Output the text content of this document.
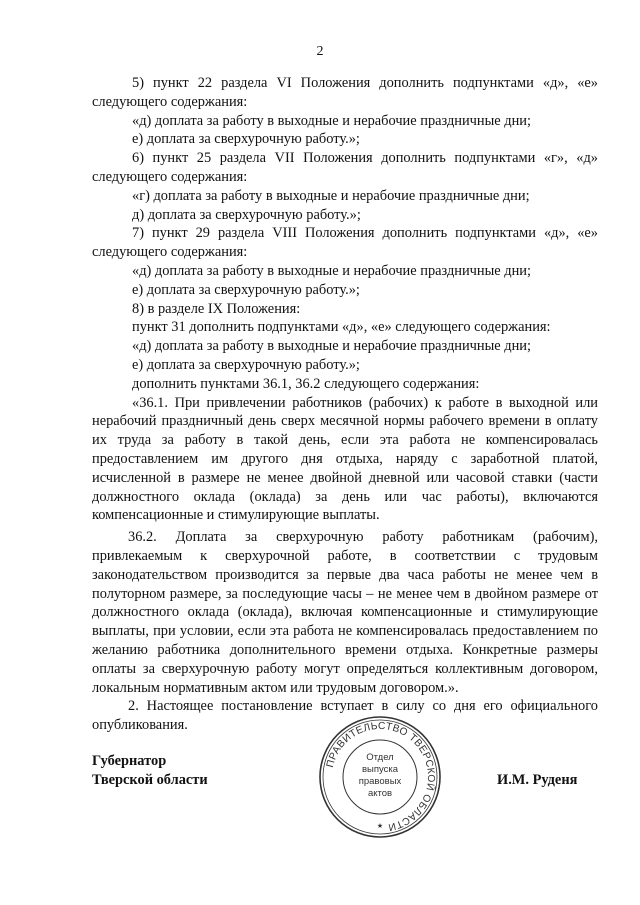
2

5) пункт 22 раздела VI Положения дополнить подпунктами «д», «е» следующего содержания:

«д) доплата за работу в выходные и нерабочие праздничные дни;

е) доплата за сверхурочную работу.»;

6) пункт 25 раздела VII Положения дополнить подпунктами «г», «д» следующего содержания:

«г) доплата за работу в выходные и нерабочие праздничные дни;

д) доплата за сверхурочную работу.»;

7) пункт 29 раздела VIII Положения дополнить подпунктами «д», «е» следующего содержания:

«д) доплата за работу в выходные и нерабочие праздничные дни;

е) доплата за сверхурочную работу.»;

8) в разделе IX Положения:

пункт 31 дополнить подпунктами «д», «е» следующего содержания:

«д) доплата за работу в выходные и нерабочие праздничные дни;

е) доплата за сверхурочную работу.»;

дополнить пунктами 36.1, 36.2 следующего содержания:

«36.1. При привлечении работников (рабочих) к работе в выходной или нерабочий праздничный день сверх месячной нормы рабочего времени в оплату их труда за работу в такой день, если эта работа не компенсировалась предоставлением им другого дня отдыха, наряду с заработной платой, исчисленной в размере не менее двойной дневной или часовой ставки (части должностного оклада (оклада) за день или час работы), включаются компенсационные и стимулирующие выплаты.

36.2. Доплата за сверхурочную работу работникам (рабочим), привлекаемым к сверхурочной работе, в соответствии с трудовым законодательством производится за первые два часа работы не менее чем в полуторном размере, за последующие часы – не менее чем в двойном размере от должностного оклада (оклада), включая компенсационные и стимулирующие выплаты, при условии, если эта работа не компенсировалась предоставлением по желанию работника дополнительного времени отдыха. Конкретные размеры оплаты за сверхурочную работу могут определяться коллективным договором, локальным нормативным актом или трудовым договором.».

2. Настоящее постановление вступает в силу со дня его официального опубликования.

Губернатор
Тверской области	И.М. Руденя
ПРАВИТЕЛЬСТВО ТВЕРСКОЙ ОБЛАСТИ
Отдел
выпуска
правовых
актов
★
